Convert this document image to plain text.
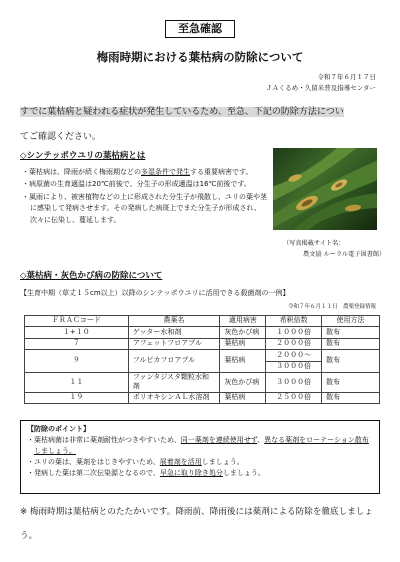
至急確認
梅雨時期における葉枯病の防除について
令和７年６月１７日
ＪＡくるめ・久留米普及指導センター
すでに葉枯病と疑われる症状が発生しているため、至急、下記の防除方法につい
てご確認ください。
◇シンテッポウユリの葉枯病とは
・葉枯病は、降雨が続く梅雨期などの多湿条件で発生する重要病害です。
・病原菌の生育適温は20℃前後で、分生子の形成適温は16℃前後です。
・風雨により、被害植物などの上に形成された分生子が飛散し、ユリの葉や茎に感染して発病させます。その発病した病斑上でまた分生子が形成され、次々に伝染し、蔓延します。
（写真掲載サイト名：
農文協 ルーラル電子図書館）
◇葉枯病・灰色かび病の防除について
【生育中期（草丈１５cm以上）以降のシンテッポウユリに活用できる殺菌剤の一例】
令和７年６月１１日　農薬登録情報
ＦＲＡＣコード	農薬名	適用病害	希釈倍数	使用方法
１+１０	ゲッター水和剤	灰色かび病	１０００倍	散布
７	アフェットフロアブル	葉枯病	２０００倍	散布
９	フルピカフロアブル	葉枯病	２０００～	散布
			３０００倍	
１１	ファンタジスタ顆粒水和剤	灰色かび病	３０００倍	散布
１９	ポリオキシンＡＬ水溶剤	葉枯病	２５００倍	散布
【防除のポイント】
・葉枯病菌は非常に薬剤耐性がつきやすいため、同一薬剤を連続使用せず、異なる薬剤をローテーション散布しましょう。
・ユリの葉は、薬剤をはじきやすいため、展着剤を活用しましょう。
・発病した葉は第二次伝染源となるので、早急に取り除き処分しましょう。
※ 梅雨時期は葉枯病とのたたかいです。降雨前、降雨後には薬剤による防除を徹底しましょう。
